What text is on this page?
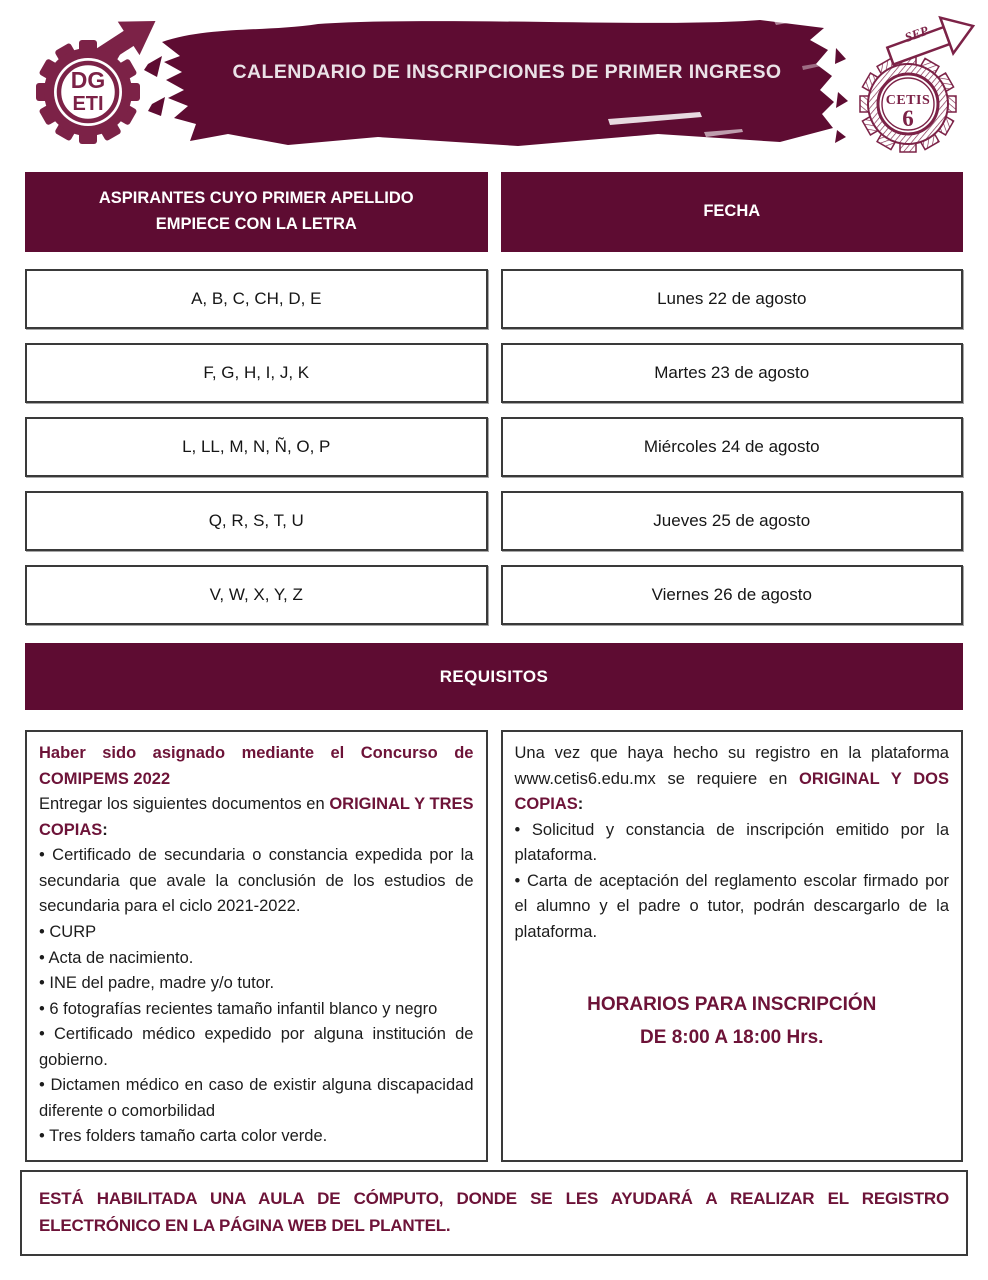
DG
ETI
CALENDARIO DE INSCRIPCIONES DE PRIMER INGRESO
SEP
CETIS
6
ASPIRANTES CUYO PRIMER APELLIDO
EMPIECE CON LA LETRA
FECHA
A, B, C, CH, D, E	Lunes 22 de agosto
F, G, H, I, J, K	Martes 23 de agosto
L, LL, M, N, Ñ, O, P	Miércoles 24 de agosto
Q, R, S, T, U	Jueves 25 de agosto
V, W, X, Y, Z	Viernes 26 de agosto
REQUISITOS

Haber sido asignado mediante el Concurso de COMIPEMS 2022

Entregar los siguientes documentos en ORIGINAL Y TRES COPIAS:

• Certificado de secundaria o constancia expedida por la secundaria que avale la conclusión de los estudios de secundaria para el ciclo 2021-2022.
• CURP
• Acta de nacimiento.
• INE del padre, madre y/o tutor.
• 6 fotografías recientes tamaño infantil blanco y negro
• Certificado médico expedido por alguna institución de gobierno.
• Dictamen médico en caso de existir alguna discapacidad diferente o comorbilidad
• Tres folders tamaño carta color verde.

Una vez que haya hecho su registro en la plataforma www.cetis6.edu.mx se requiere en ORIGINAL Y DOS COPIAS:

• Solicitud y constancia de inscripción emitido por la plataforma.
• Carta de aceptación del reglamento escolar firmado por el alumno y el padre o tutor, podrán descargarlo de la plataforma.
HORARIOS PARA INSCRIPCIÓN
DE 8:00 A 18:00 Hrs.

ESTÁ HABILITADA UNA AULA DE CÓMPUTO, DONDE SE LES AYUDARÁ A REALIZAR EL REGISTRO ELECTRÓNICO EN LA PÁGINA WEB DEL PLANTEL.
